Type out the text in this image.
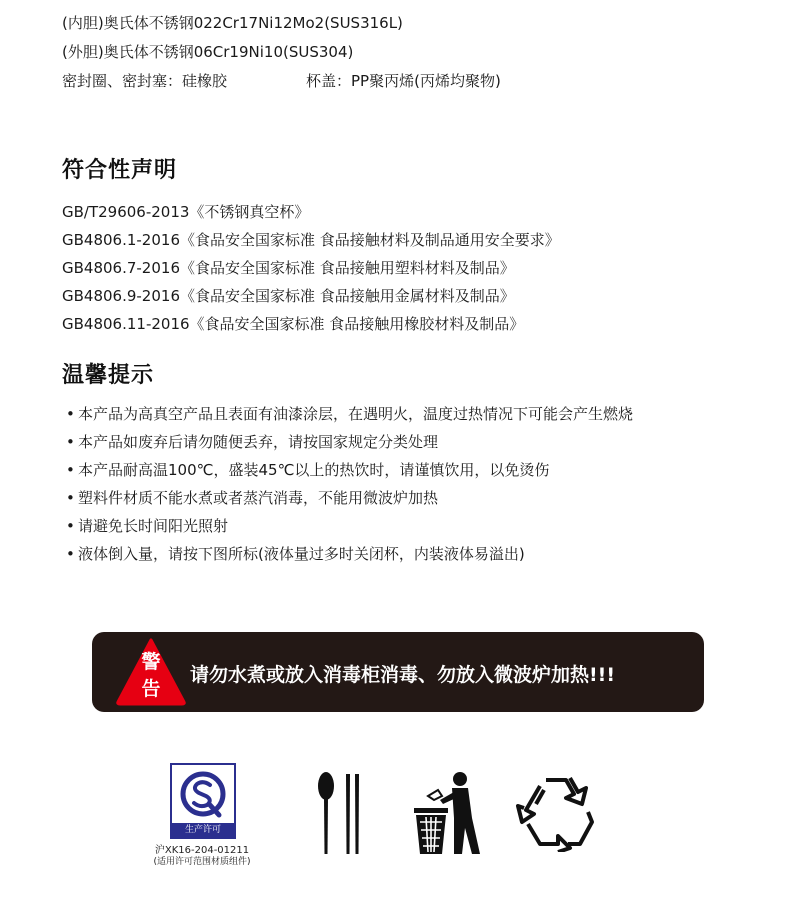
(内胆)奥氏体不锈钢022Cr17Ni12Mo2(SUS316L)
(外胆)奥氏体不锈钢06Cr19Ni10(SUS304)
密封圈、密封塞：硅橡胶	杯盖：PP聚丙烯(丙烯均聚物)
符合性声明
GB/T29606-2013《不锈钢真空杯》
GB4806.1-2016《食品安全国家标准 食品接触材料及制品通用安全要求》
GB4806.7-2016《食品安全国家标准 食品接触用塑料材料及制品》
GB4806.9-2016《食品安全国家标准 食品接触用金属材料及制品》
GB4806.11-2016《食品安全国家标准 食品接触用橡胶材料及制品》
温馨提示
• 本产品为高真空产品且表面有油漆涂层，在遇明火，温度过热情况下可能会产生燃烧
• 本产品如废弃后请勿随便丢弃，请按国家规定分类处理
• 本产品耐高温100℃，盛装45℃以上的热饮时，请谨慎饮用，以免烫伤
• 塑料件材质不能水煮或者蒸汽消毒，不能用微波炉加热
• 请避免长时间阳光照射
• 液体倒入量，请按下图所标(液体量过多时关闭杯，内装液体易溢出)
警
告
请勿水煮或放入消毒柜消毒、勿放入微波炉加热!!!
生产许可
沪XK16-204-01211
(适用许可范围材质组件)
